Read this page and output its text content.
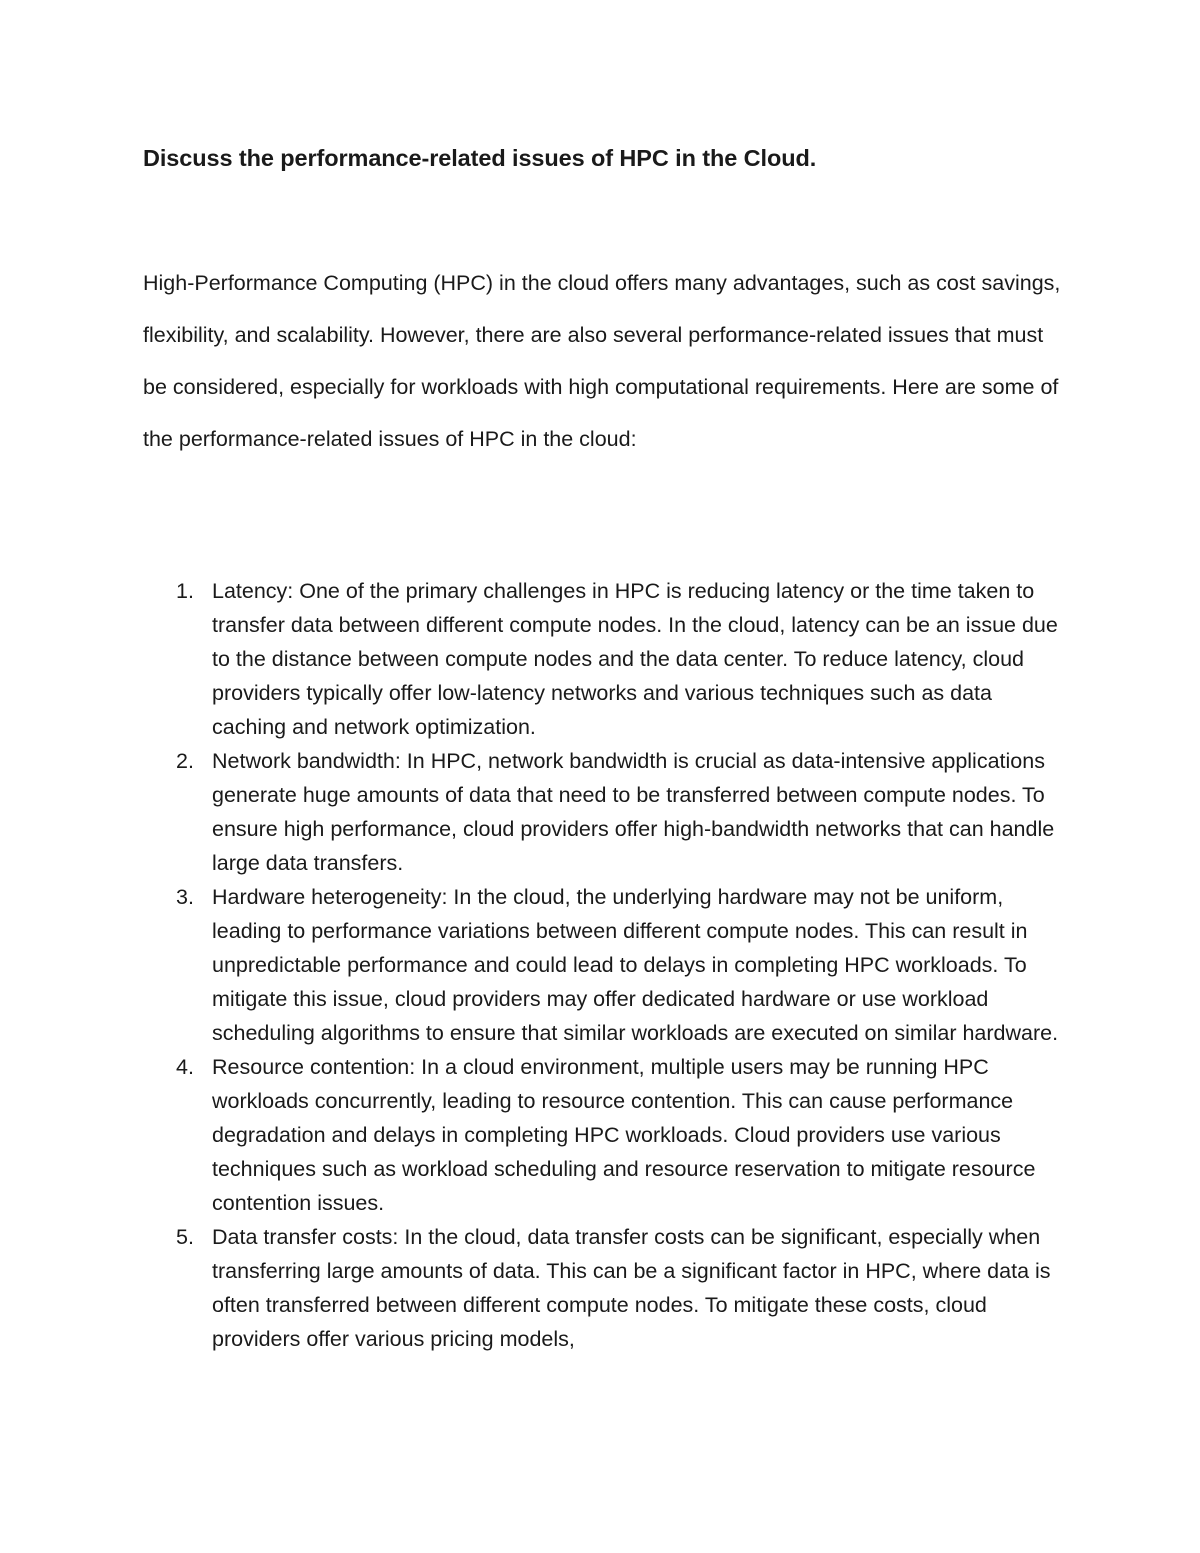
Discuss the performance-related issues of HPC in the Cloud.

High-Performance Computing (HPC) in the cloud offers many advantages, such as cost savings, flexibility, and scalability. However, there are also several performance-related issues that must be considered, especially for workloads with high computational requirements. Here are some of the performance-related issues of HPC in the cloud:

1. Latency: One of the primary challenges in HPC is reducing latency or the time taken to transfer data between different compute nodes. In the cloud, latency can be an issue due to the distance between compute nodes and the data center. To reduce latency, cloud providers typically offer low-latency networks and various techniques such as data caching and network optimization.
2. Network bandwidth: In HPC, network bandwidth is crucial as data-intensive applications generate huge amounts of data that need to be transferred between compute nodes. To ensure high performance, cloud providers offer high-bandwidth networks that can handle large data transfers.
3. Hardware heterogeneity: In the cloud, the underlying hardware may not be uniform, leading to performance variations between different compute nodes. This can result in unpredictable performance and could lead to delays in completing HPC workloads. To mitigate this issue, cloud providers may offer dedicated hardware or use workload scheduling algorithms to ensure that similar workloads are executed on similar hardware.
4. Resource contention: In a cloud environment, multiple users may be running HPC workloads concurrently, leading to resource contention. This can cause performance degradation and delays in completing HPC workloads. Cloud providers use various techniques such as workload scheduling and resource reservation to mitigate resource contention issues.
5. Data transfer costs: In the cloud, data transfer costs can be significant, especially when transferring large amounts of data. This can be a significant factor in HPC, where data is often transferred between different compute nodes. To mitigate these costs, cloud providers offer various pricing models,
